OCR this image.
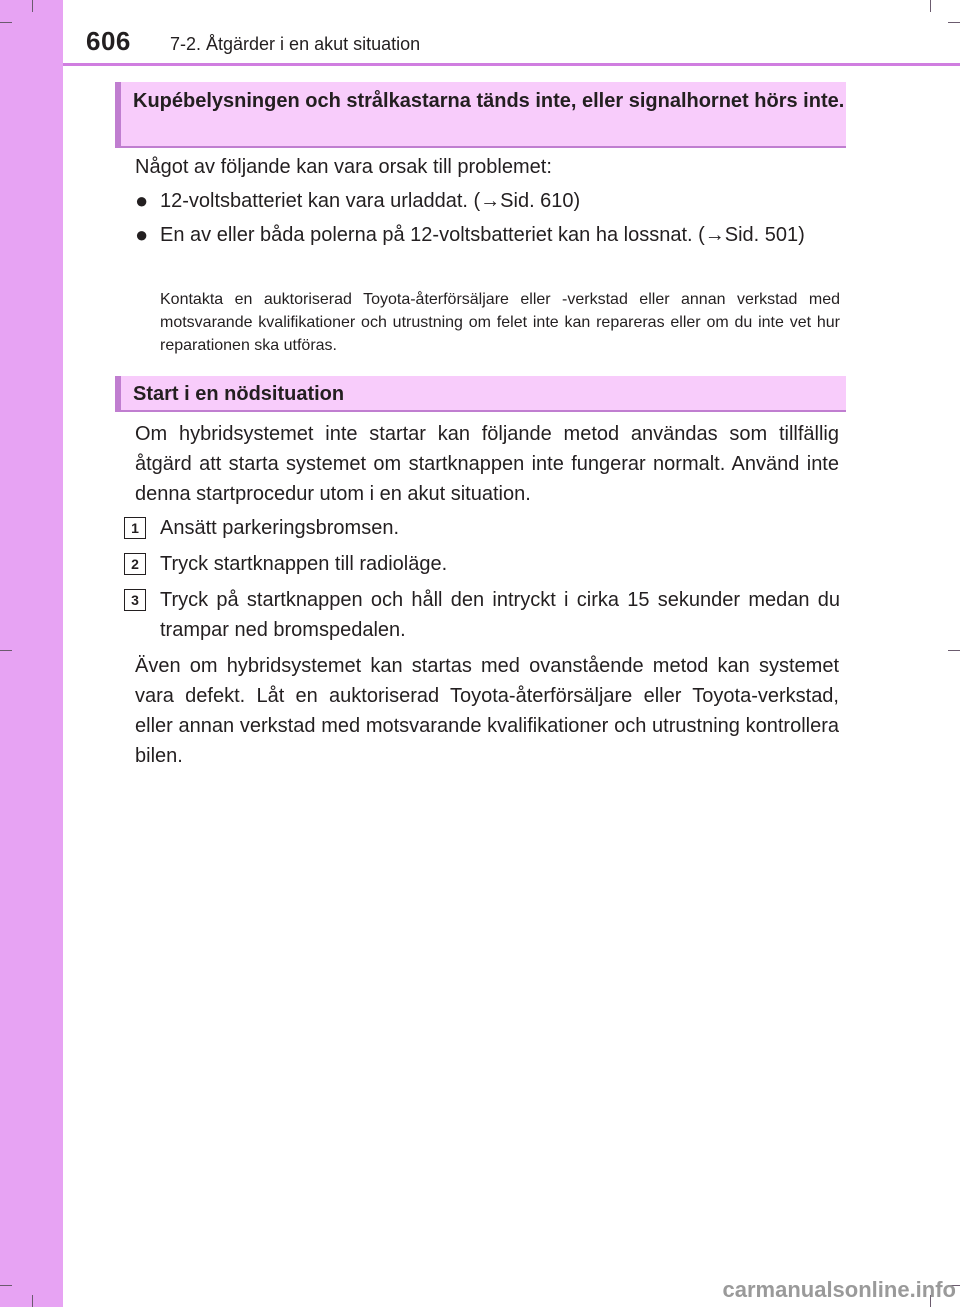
606 7-2. Åtgärder i en akut situation
Kupébelysningen och strålkastarna tänds inte, eller signalhornet hörs inte.
Något av följande kan vara orsak till problemet:
● 12-voltsbatteriet kan vara urladdat. (→Sid. 610)
● En av eller båda polerna på 12-voltsbatteriet kan ha lossnat. (→Sid. 501)
Kontakta en auktoriserad Toyota-återförsäljare eller -verkstad eller annan verkstad med motsvarande kvalifikationer och utrustning om felet inte kan repareras eller om du inte vet hur reparationen ska utföras.
Start i en nödsituation
Om hybridsystemet inte startar kan följande metod användas som tillfällig åtgärd att starta systemet om startknappen inte fungerar normalt. Använd inte denna startprocedur utom i en akut situation.
1	Ansätt parkeringsbromsen.
2	Tryck startknappen till radioläge.
3	Tryck på startknappen och håll den intryckt i cirka 15 sekunder medan du trampar ned bromspedalen.
Även om hybridsystemet kan startas med ovanstående metod kan systemet vara defekt. Låt en auktoriserad Toyota-återförsäljare eller Toyota-verkstad, eller annan verkstad med motsvarande kvalifikationer och utrustning kontrollera bilen.
carmanualsonline.info
